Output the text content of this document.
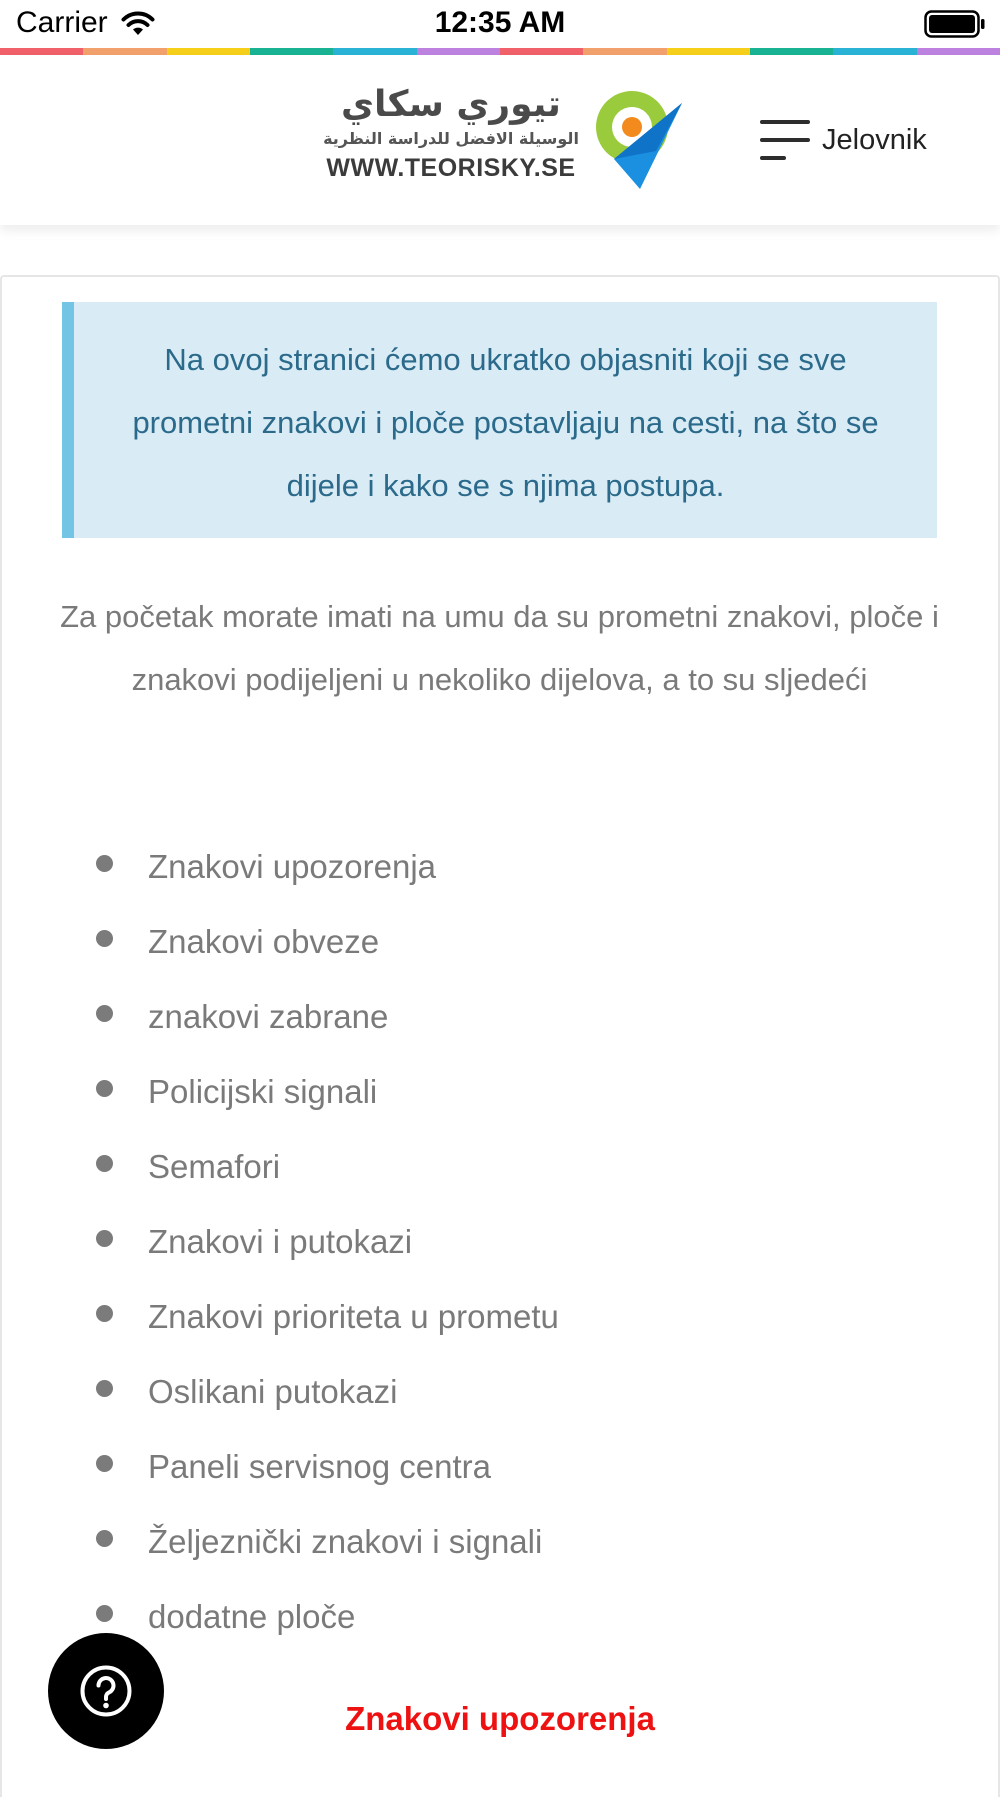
Carrier	12:35 AM
تيوري سكاي
الوسيلة الافضل للدراسة النظرية
WWW.TEORISKY.SE
Jelovnik
Na ovoj stranici ćemo ukratko objasniti koji se sve prometni znakovi i ploče postavljaju na cesti, na što se dijele i kako se s njima postupa.
Za početak morate imati na umu da su prometni znakovi, ploče i znakovi podijeljeni u nekoliko dijelova, a to su sljedeći
Znakovi upozorenja
Znakovi obveze
znakovi zabrane
Policijski signali
Semafori
Znakovi i putokazi
Znakovi prioriteta u prometu
Oslikani putokazi
Paneli servisnog centra
Željeznički znakovi i signali
dodatne ploče
Znakovi upozorenja
